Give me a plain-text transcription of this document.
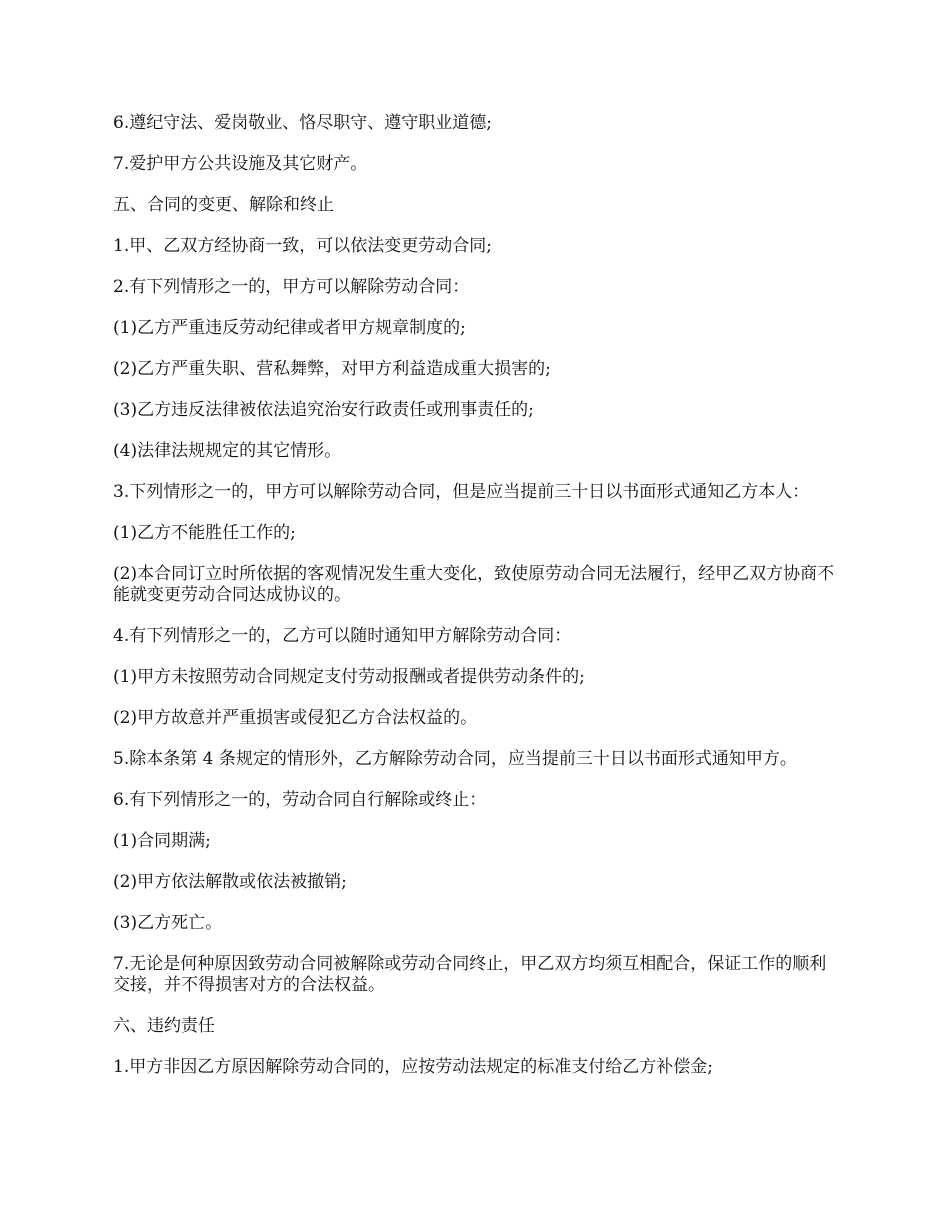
6.遵纪守法、爱岗敬业、恪尽职守、遵守职业道德;

7.爱护甲方公共设施及其它财产。

五、合同的变更、解除和终止

1.甲、乙双方经协商一致，可以依法变更劳动合同;

2.有下列情形之一的，甲方可以解除劳动合同：

(1)乙方严重违反劳动纪律或者甲方规章制度的;

(2)乙方严重失职、营私舞弊，对甲方利益造成重大损害的;

(3)乙方违反法律被依法追究治安行政责任或刑事责任的;

(4)法律法规规定的其它情形。

3.下列情形之一的，甲方可以解除劳动合同，但是应当提前三十日以书面形式通知乙方本人：

(1)乙方不能胜任工作的;

(2)本合同订立时所依据的客观情况发生重大变化，致使原劳动合同无法履行，经甲乙双方协商不能就变更劳动合同达成协议的。

4.有下列情形之一的，乙方可以随时通知甲方解除劳动合同：

(1)甲方未按照劳动合同规定支付劳动报酬或者提供劳动条件的;

(2)甲方故意并严重损害或侵犯乙方合法权益的。

5.除本条第 4 条规定的情形外，乙方解除劳动合同，应当提前三十日以书面形式通知甲方。

6.有下列情形之一的，劳动合同自行解除或终止：

(1)合同期满;

(2)甲方依法解散或依法被撤销;

(3)乙方死亡。

7.无论是何种原因致劳动合同被解除或劳动合同终止，甲乙双方均须互相配合，保证工作的顺利交接，并不得损害对方的合法权益。

六、违约责任

1.甲方非因乙方原因解除劳动合同的，应按劳动法规定的标准支付给乙方补偿金;
